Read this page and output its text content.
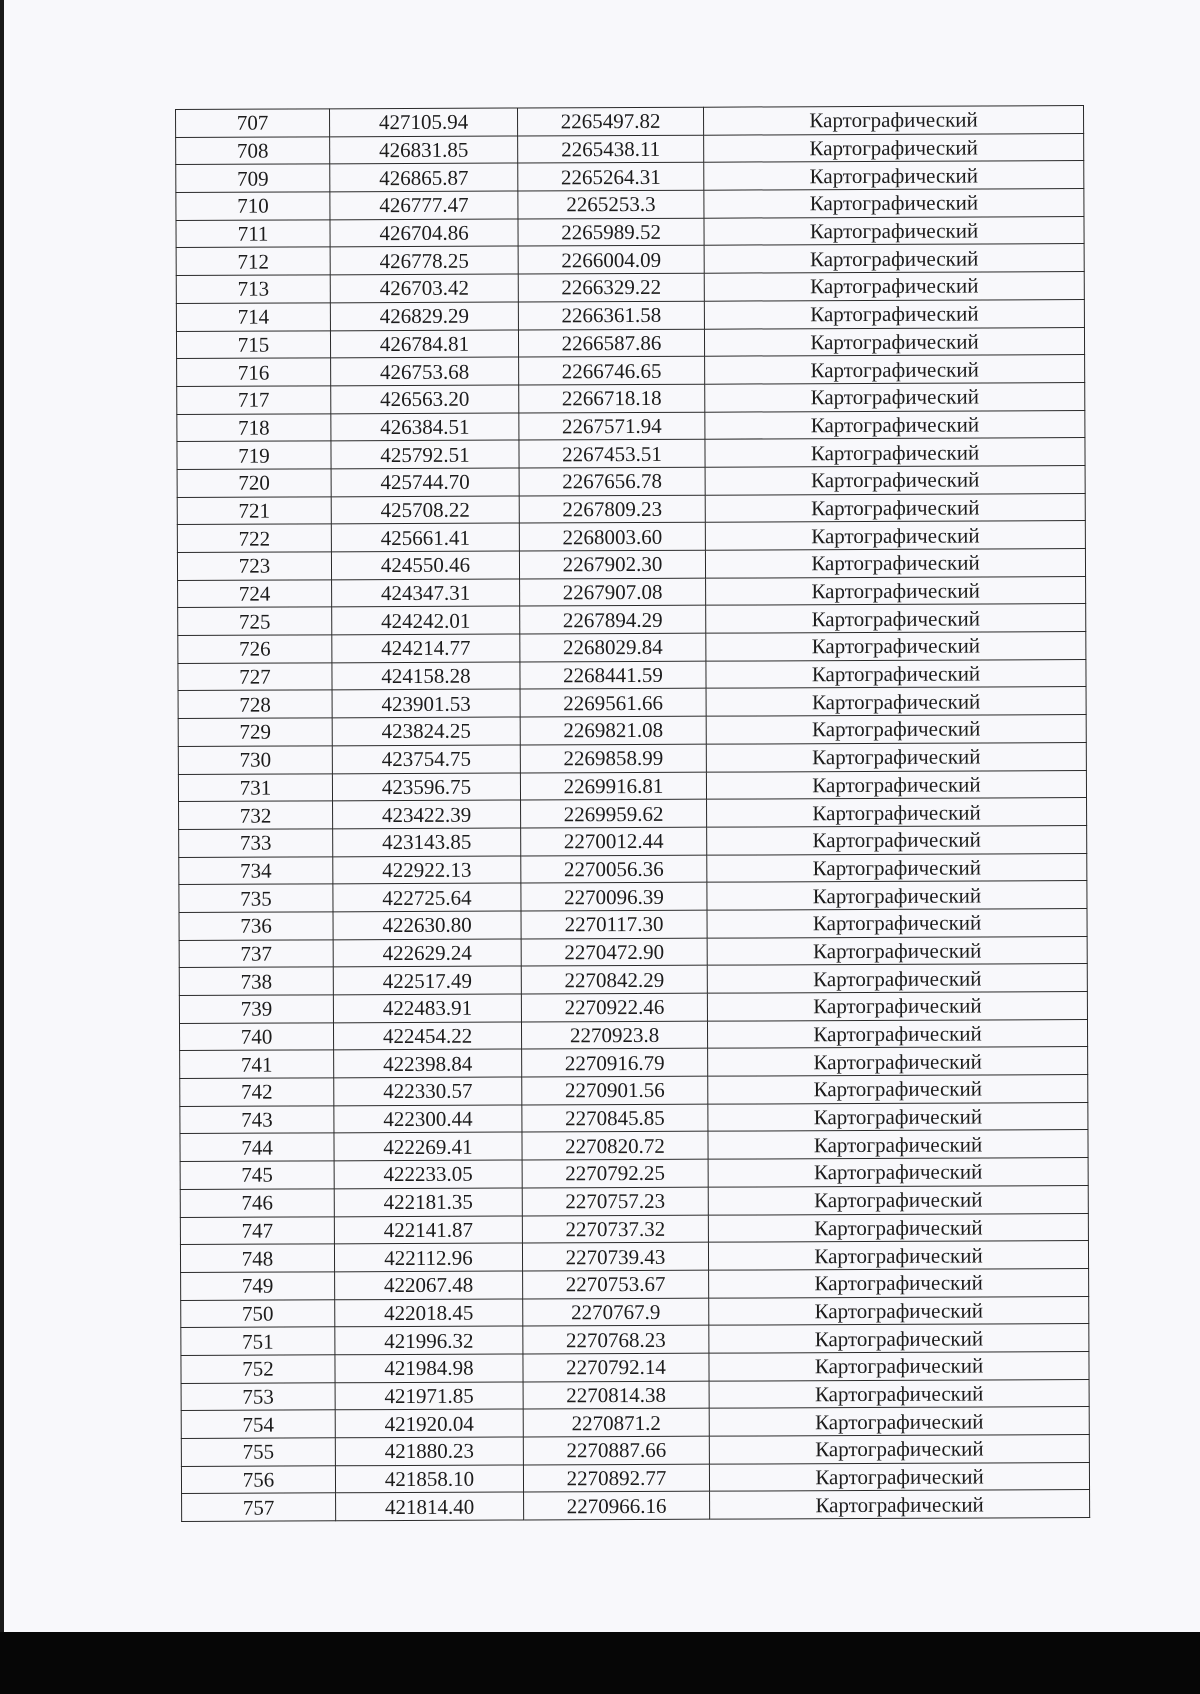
707	427105.94	2265497.82	Картографический
708	426831.85	2265438.11	Картографический
709	426865.87	2265264.31	Картографический
710	426777.47	2265253.3	Картографический
711	426704.86	2265989.52	Картографический
712	426778.25	2266004.09	Картографический
713	426703.42	2266329.22	Картографический
714	426829.29	2266361.58	Картографический
715	426784.81	2266587.86	Картографический
716	426753.68	2266746.65	Картографический
717	426563.20	2266718.18	Картографический
718	426384.51	2267571.94	Картографический
719	425792.51	2267453.51	Картографический
720	425744.70	2267656.78	Картографический
721	425708.22	2267809.23	Картографический
722	425661.41	2268003.60	Картографический
723	424550.46	2267902.30	Картографический
724	424347.31	2267907.08	Картографический
725	424242.01	2267894.29	Картографический
726	424214.77	2268029.84	Картографический
727	424158.28	2268441.59	Картографический
728	423901.53	2269561.66	Картографический
729	423824.25	2269821.08	Картографический
730	423754.75	2269858.99	Картографический
731	423596.75	2269916.81	Картографический
732	423422.39	2269959.62	Картографический
733	423143.85	2270012.44	Картографический
734	422922.13	2270056.36	Картографический
735	422725.64	2270096.39	Картографический
736	422630.80	2270117.30	Картографический
737	422629.24	2270472.90	Картографический
738	422517.49	2270842.29	Картографический
739	422483.91	2270922.46	Картографический
740	422454.22	2270923.8	Картографический
741	422398.84	2270916.79	Картографический
742	422330.57	2270901.56	Картографический
743	422300.44	2270845.85	Картографический
744	422269.41	2270820.72	Картографический
745	422233.05	2270792.25	Картографический
746	422181.35	2270757.23	Картографический
747	422141.87	2270737.32	Картографический
748	422112.96	2270739.43	Картографический
749	422067.48	2270753.67	Картографический
750	422018.45	2270767.9	Картографический
751	421996.32	2270768.23	Картографический
752	421984.98	2270792.14	Картографический
753	421971.85	2270814.38	Картографический
754	421920.04	2270871.2	Картографический
755	421880.23	2270887.66	Картографический
756	421858.10	2270892.77	Картографический
757	421814.40	2270966.16	Картографический
